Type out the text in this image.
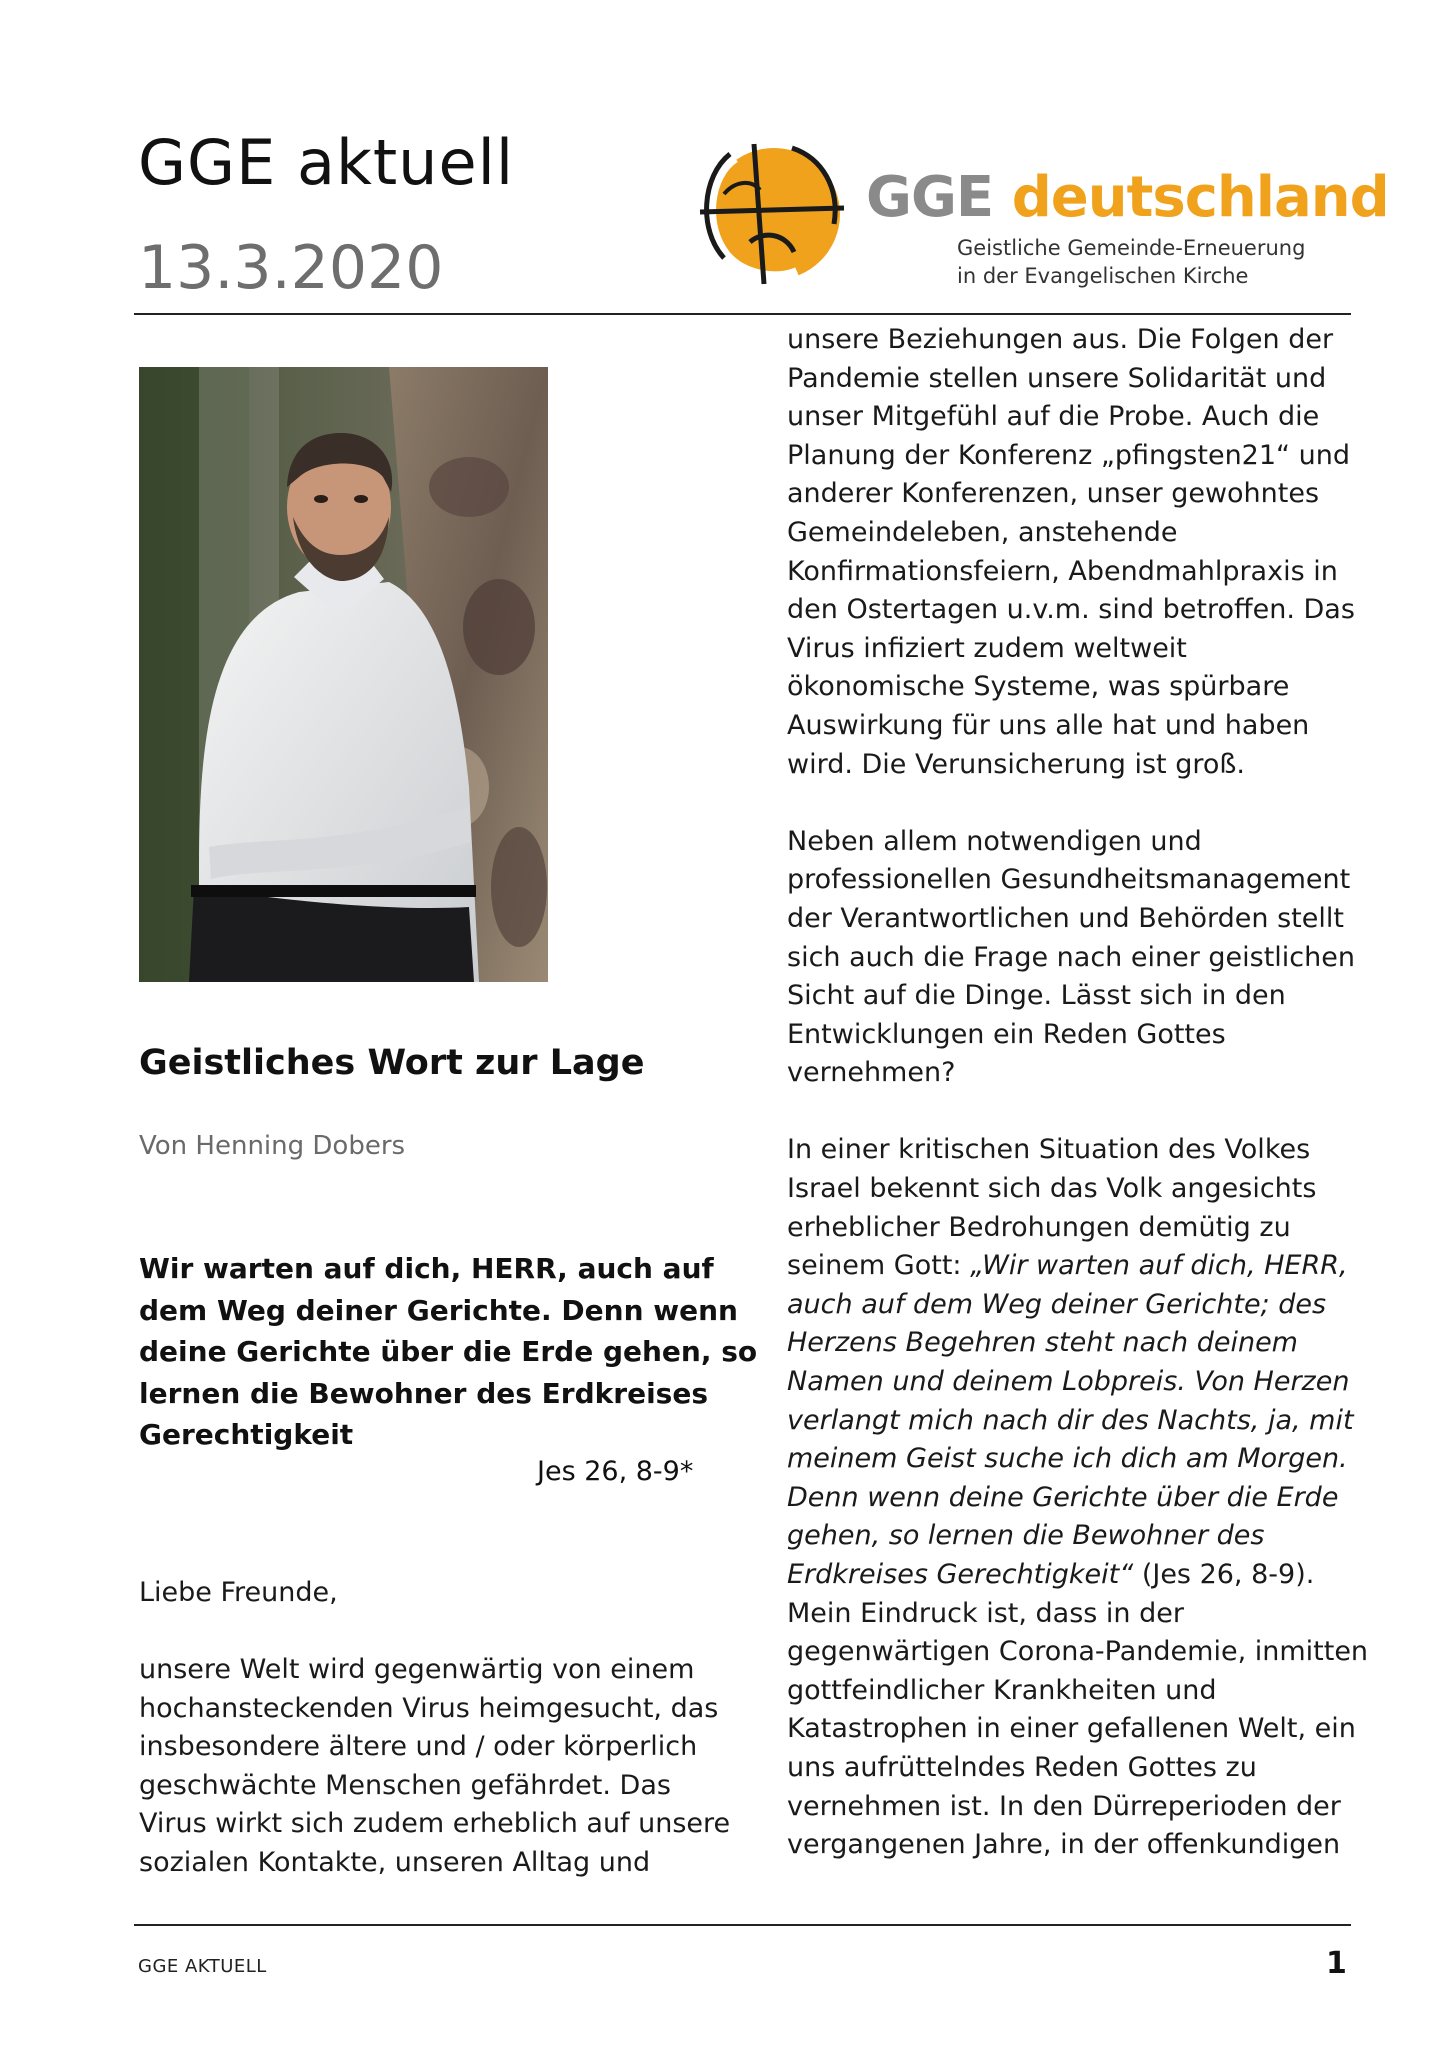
GGE aktuell
13.3.2020
GGE deutschland
Geistliche Gemeinde-Erneuerung
in der Evangelischen Kirche
Geistliches Wort zur Lage
Von Henning Dobers
Wir warten auf dich, HERR, auch auf
dem Weg deiner Gerichte. Denn wenn
deine Gerichte über die Erde gehen, so
lernen die Bewohner des Erdkreises
Gerechtigkeit
Jes 26, 8-9*
Liebe Freunde,
unsere Welt wird gegenwärtig von einem
hochansteckenden Virus heimgesucht, das
insbesondere ältere und / oder körperlich
geschwächte Menschen gefährdet. Das
Virus wirkt sich zudem erheblich auf unsere
sozialen Kontakte, unseren Alltag und
unsere Beziehungen aus. Die Folgen der
Pandemie stellen unsere Solidarität und
unser Mitgefühl auf die Probe. Auch die
Planung der Konferenz „pfingsten21“ und
anderer Konferenzen, unser gewohntes
Gemeindeleben, anstehende
Konfirmationsfeiern, Abendmahlpraxis in
den Ostertagen u.v.m. sind betroffen. Das
Virus infiziert zudem weltweit
ökonomische Systeme, was spürbare
Auswirkung für uns alle hat und haben
wird. Die Verunsicherung ist groß.
Neben allem notwendigen und
professionellen Gesundheitsmanagement
der Verantwortlichen und Behörden stellt
sich auch die Frage nach einer geistlichen
Sicht auf die Dinge. Lässt sich in den
Entwicklungen ein Reden Gottes
vernehmen?
In einer kritischen Situation des Volkes
Israel bekennt sich das Volk angesichts
erheblicher Bedrohungen demütig zu
seinem Gott: „Wir warten auf dich, HERR,
auch auf dem Weg deiner Gerichte; des
Herzens Begehren steht nach deinem
Namen und deinem Lobpreis. Von Herzen
verlangt mich nach dir des Nachts, ja, mit
meinem Geist suche ich dich am Morgen.
Denn wenn deine Gerichte über die Erde
gehen, so lernen die Bewohner des
Erdkreises Gerechtigkeit“ (Jes 26, 8-9).
Mein Eindruck ist, dass in der
gegenwärtigen Corona-Pandemie, inmitten
gottfeindlicher Krankheiten und
Katastrophen in einer gefallenen Welt, ein
uns aufrüttelndes Reden Gottes zu
vernehmen ist. In den Dürreperioden der
vergangenen Jahre, in der offenkundigen
GGE AKTUELL	1
